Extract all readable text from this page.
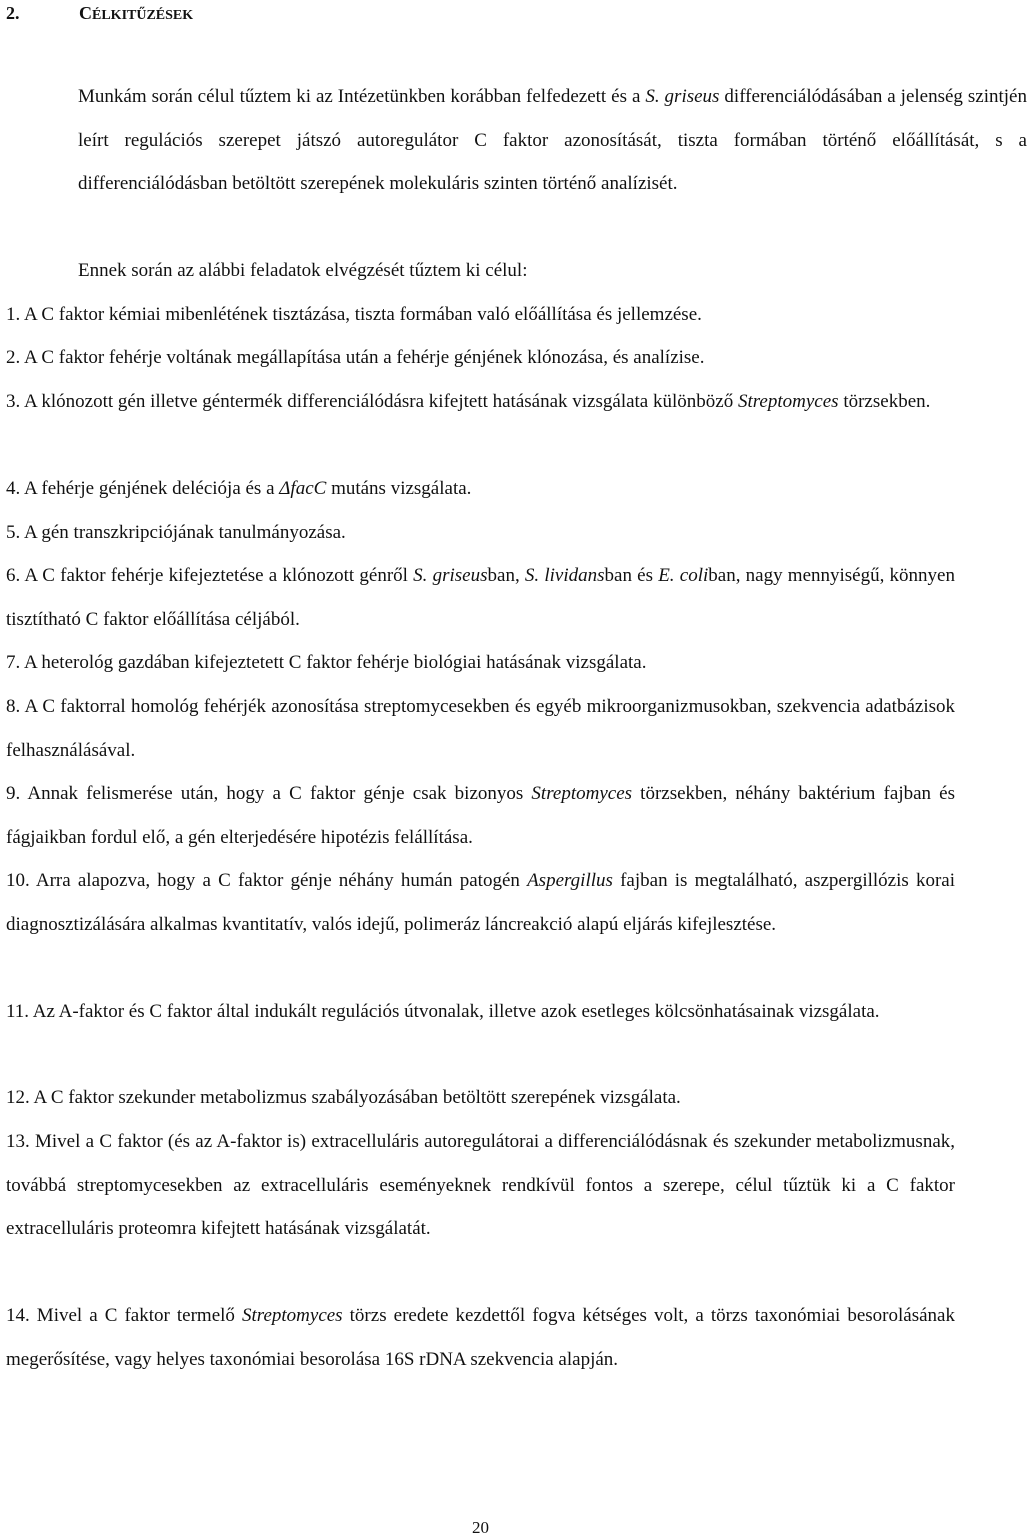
2.	CÉLKITŰZÉSEK
Munkám során célul tűztem ki az Intézetünkben korábban felfedezett és a S. griseus differenciálódásában a jelenség szintjén leírt regulációs szerepet játszó autoregulátor C faktor azonosítását, tiszta formában történő előállítását, s a differenciálódásban betöltött szerepének molekuláris szinten történő analízisét.
Ennek során az alábbi feladatok elvégzését tűztem ki célul:
1. A C faktor kémiai mibenlétének tisztázása, tiszta formában való előállítása és jellemzése.
2. A C faktor fehérje voltának megállapítása után a fehérje génjének klónozása, és analízise.
3. A klónozott gén illetve géntermék differenciálódásra kifejtett hatásának vizsgálata különböző Streptomyces törzsekben.
4. A fehérje génjének deléciója és a ΔfacC mutáns vizsgálata.
5. A gén transzkripciójának tanulmányozása.
6. A C faktor fehérje kifejeztetése a klónozott génről S. griseusban, S. lividansban és E. coliban, nagy mennyiségű, könnyen tisztítható C faktor előállítása céljából.
7. A heterológ gazdában kifejeztetett C faktor fehérje biológiai hatásának vizsgálata.
8. A C faktorral homológ fehérjék azonosítása streptomycesekben és egyéb mikroorganizmusokban, szekvencia adatbázisok felhasználásával.
9. Annak felismerése után, hogy a C faktor génje csak bizonyos Streptomyces törzsekben, néhány baktérium fajban és fágjaikban fordul elő, a gén elterjedésére hipotézis felállítása.
10. Arra alapozva, hogy a C faktor génje néhány humán patogén Aspergillus fajban is megtalálható, aszpergillózis korai diagnosztizálására alkalmas kvantitatív, valós idejű, polimeráz láncreakció alapú eljárás kifejlesztése.
11. Az A-faktor és C faktor által indukált regulációs útvonalak, illetve azok esetleges kölcsönhatásainak vizsgálata.
12. A C faktor szekunder metabolizmus szabályozásában betöltött szerepének vizsgálata.
13. Mivel a C faktor (és az A-faktor is) extracelluláris autoregulátorai a differenciálódásnak és szekunder metabolizmusnak, továbbá streptomycesekben az extracelluláris eseményeknek rendkívül fontos a szerepe, célul tűztük ki a C faktor extracelluláris proteomra kifejtett hatásának vizsgálatát.
14. Mivel a C faktor termelő Streptomyces törzs eredete kezdettől fogva kétséges volt, a törzs taxonómiai besorolásának megerősítése, vagy helyes taxonómiai besorolása 16S rDNA szekvencia alapján.
20
